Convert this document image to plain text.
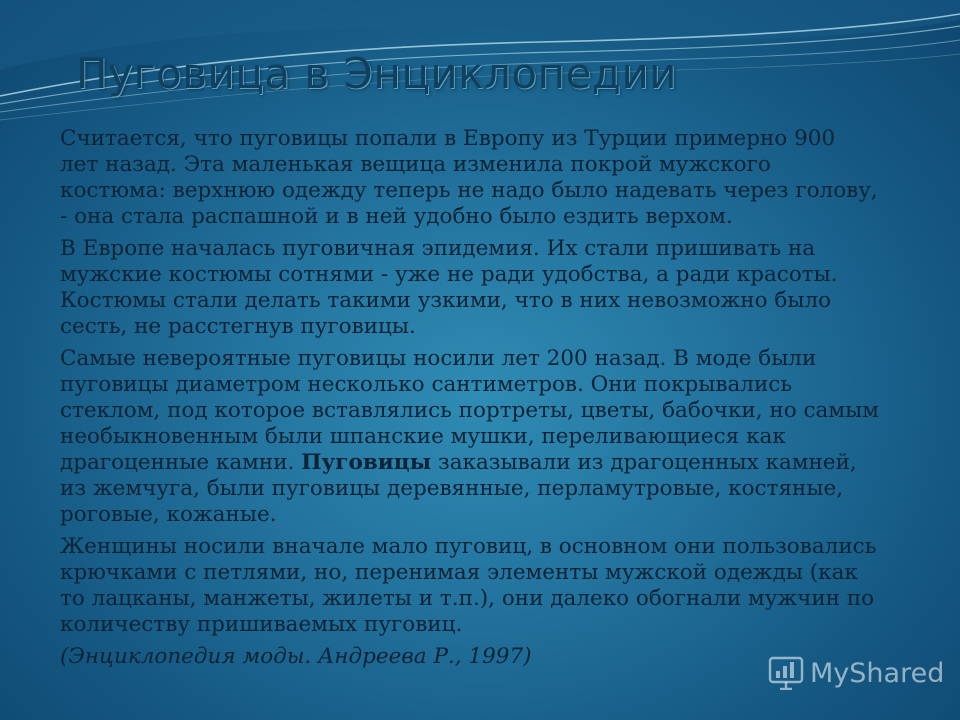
Пуговица в Энциклопедии

Считается, что пуговицы попали в Европу из Турции примерно 900 лет назад. Эта маленькая вещица изменила покрой мужского костюма: верхнюю одежду теперь не надо было надевать через голову, - она стала распашной и в ней удобно было ездить верхом.

В Европе началась пуговичная эпидемия. Их стали пришивать на мужские костюмы сотнями - уже не ради удобства, а ради красоты. Костюмы стали делать такими узкими, что в них невозможно было сесть, не расстегнув пуговицы.

Самые невероятные пуговицы носили лет 200 назад. В моде были пуговицы диаметром несколько сантиметров. Они покрывались стеклом, под которое вставлялись портреты, цветы, бабочки, но самым необыкновенным были шпанские мушки, переливающиеся как драгоценные камни. Пуговицы заказывали из драгоценных камней, из жемчуга, были пуговицы деревянные, перламутровые, костяные, роговые, кожаные.

Женщины носили вначале мало пуговиц, в основном они пользовались крючками с петлями, но, перенимая элементы мужской одежды (как то лацканы, манжеты, жилеты и т.п.), они далеко обогнали мужчин по количеству пришиваемых пуговиц.

(Энциклопедия моды. Андреева Р., 1997)

MyShared
